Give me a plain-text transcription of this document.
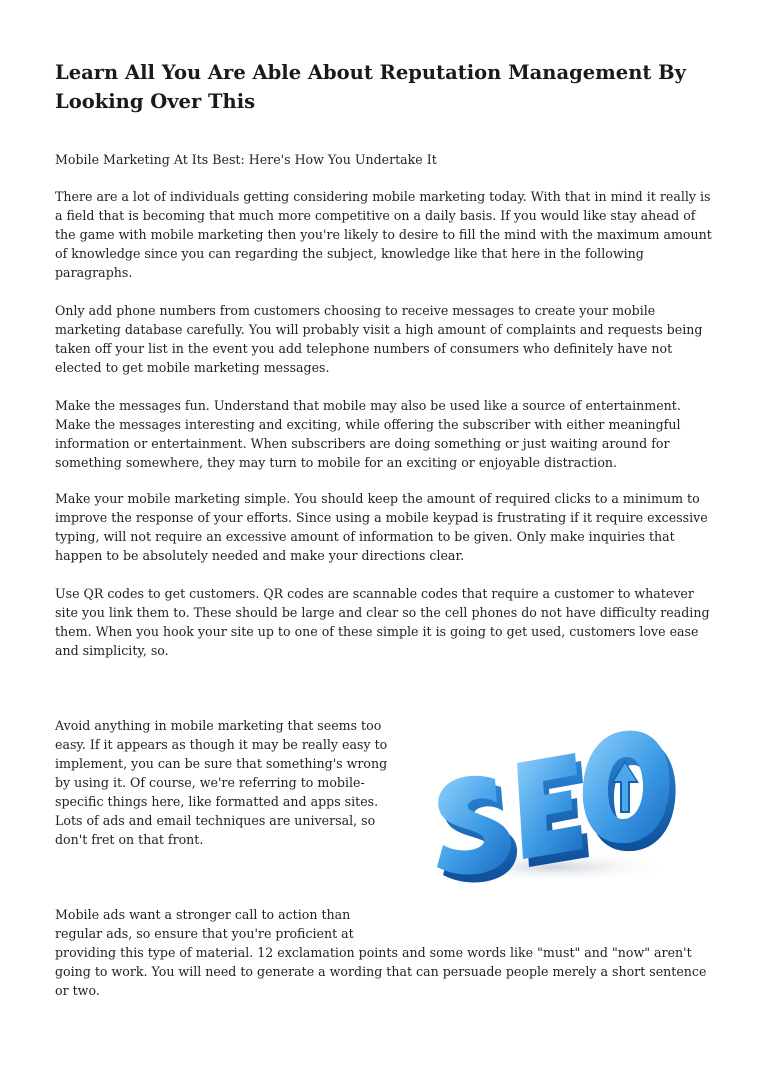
Learn All You Are Able About Reputation Management By Looking Over This

Mobile Marketing At Its Best: Here's How You Undertake It

There are a lot of individuals getting considering mobile marketing today. With that in mind it really is a field that is becoming that much more competitive on a daily basis. If you would like stay ahead of the game with mobile marketing then you're likely to desire to fill the mind with the maximum amount of knowledge since you can regarding the subject, knowledge like that here in the following paragraphs.

Only add phone numbers from customers choosing to receive messages to create your mobile marketing database carefully. You will probably visit a high amount of complaints and requests being taken off your list in the event you add telephone numbers of consumers who definitely have not elected to get mobile marketing messages.

Make the messages fun. Understand that mobile may also be used like a source of entertainment. Make the messages interesting and exciting, while offering the subscriber with either meaningful information or entertainment. When subscribers are doing something or just waiting around for something somewhere, they may turn to mobile for an exciting or enjoyable distraction.

Make your mobile marketing simple. You should keep the amount of required clicks to a minimum to improve the response of your efforts. Since using a mobile keypad is frustrating if it require excessive typing, will not require an excessive amount of information to be given. Only make inquiries that happen to be absolutely needed and make your directions clear.

Use QR codes to get customers. QR codes are scannable codes that require a customer to whatever site you link them to. These should be large and clear so the cell phones do not have difficulty reading them. When you hook your site up to one of these simple it is going to get used, customers love ease and simplicity, so.

Avoid anything in mobile marketing that seems too easy. If it appears as though it may be really easy to implement, you can be sure that something's wrong by using it. Of course, we're referring to mobile-specific things here, like formatted and apps sites. Lots of ads and email techniques are universal, so don't fret on that front.

Mobile ads want a stronger call to action than regular ads, so ensure that you're proficient at
providing this type of material. 12 exclamation points and some words like "must" and "now" aren't going to work. You will need to generate a wording that can persuade people merely a short sentence or two.
